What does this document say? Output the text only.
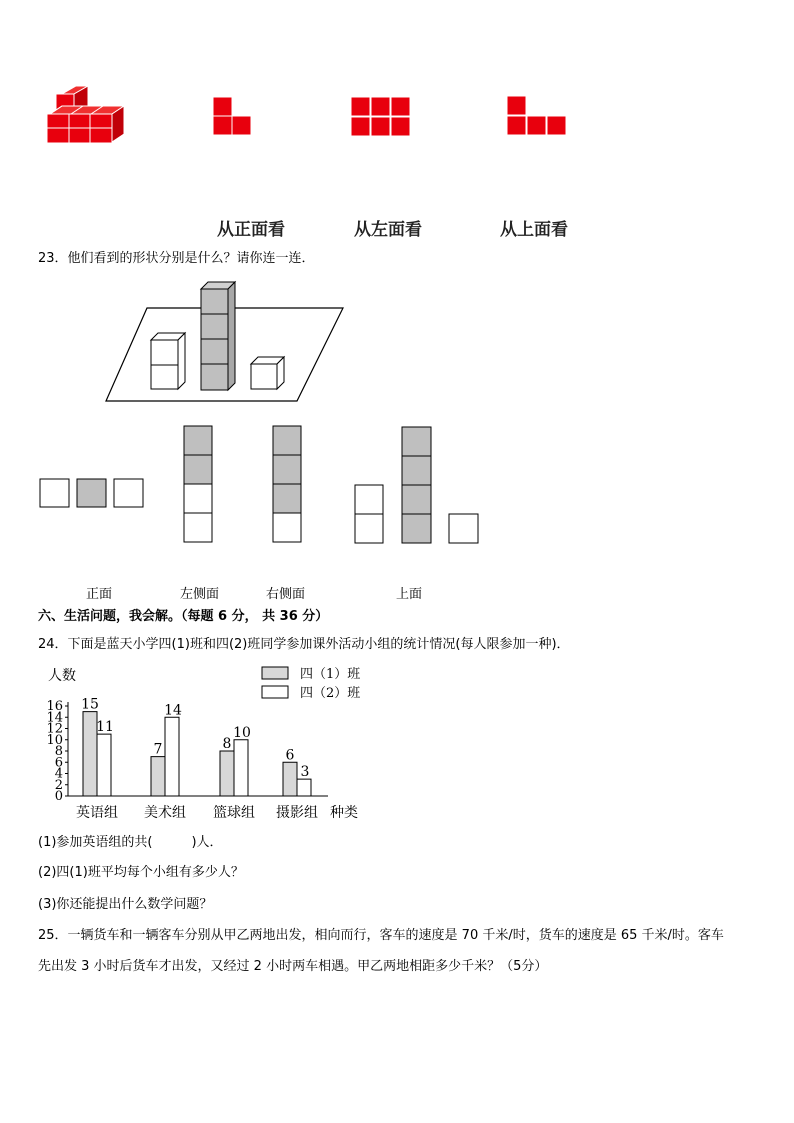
从正面看	从左面看	从上面看
23．他们看到的形状分别是什么？请你连一连．
正面	左侧面	右侧面	上面
六、生活问题，我会解。（每题 6 分， 共 36 分）
24．下面是蓝天小学四(1)班和四(2)班同学参加课外活动小组的统计情况(每人限参加一种)．
人数
种类
四（1）班
四（2）班
0
2
4
6
8
10
12
14
16 15
11
英语组
7
14
美术组
8
10
篮球组
6
3
摄影组
(1)参加英语组的共(　　　)人．
(2)四(1)班平均每个小组有多少人？
(3)你还能提出什么数学问题？
25．一辆货车和一辆客车分别从甲乙两地出发，相向而行，客车的速度是 70 千米/时，货车的速度是 65 千米/时。客车
先出发 3 小时后货车才出发，又经过 2 小时两车相遇。甲乙两地相距多少千米？（5分）
